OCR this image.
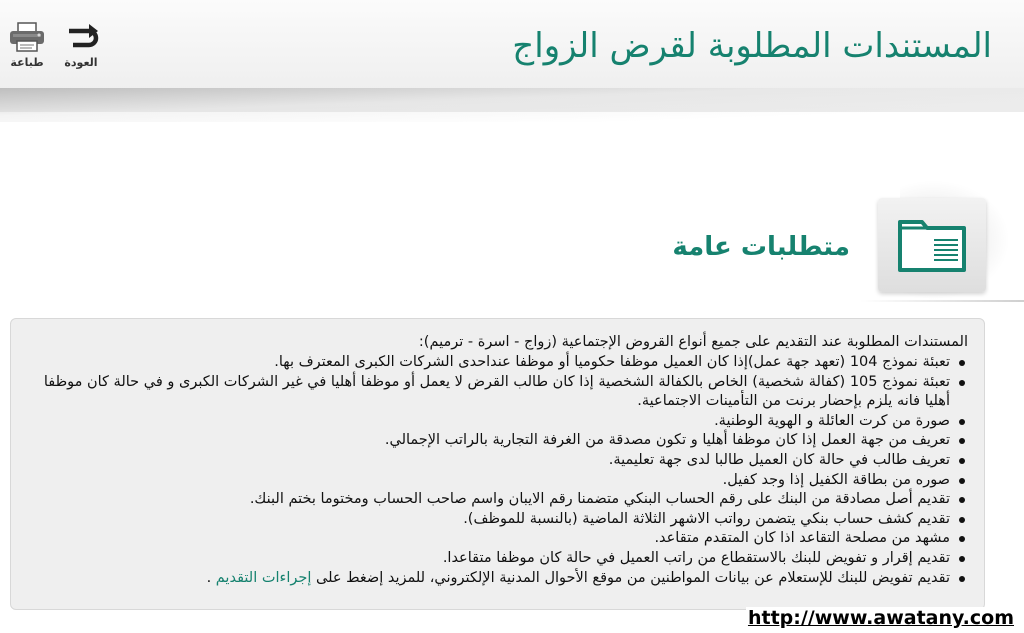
طباعة العودة	المستندات المطلوبة لقرض الزواج
متطلبات عامة
المستندات المطلوبة عند التقديم على جميع أنواع القروض الإجتماعية (زواج - اسرة - ترميم):
تعبئة نموذج 104 (تعهد جهة عمل)إذا كان العميل موظفا حكوميا أو موظفا عنداحدى الشركات الكبرى المعترف بها.
تعبئة نموذج 105 (كفالة شخصية) الخاص بالكفالة الشخصية إذا كان طالب القرض لا يعمل أو موظفا أهليا في غير الشركات الكبرى و في حالة كان موظفا أهليا فانه يلزم بإحضار برنت من التأمينات الاجتماعية.
صورة من كرت العائلة و الهوية الوطنية.
تعريف من جهة العمل إذا كان موظفا أهليا و تكون مصدقة من الغرفة التجارية بالراتب الإجمالي.
تعريف طالب في حالة كان العميل طالبا لدى جهة تعليمية.
صوره من بطاقة الكفيل إذا وجد كفيل.
تقديم أصل مصادقة من البنك على رقم الحساب البنكي متضمنا رقم الايبان واسم صاحب الحساب ومختوما بختم البنك.
تقديم كشف حساب بنكي يتضمن رواتب الاشهر الثلاثة الماضية (بالنسبة للموظف).
مشهد من مصلحة التقاعد اذا كان المتقدم متقاعد.
تقديم إقرار و تفويض للبنك بالاستقطاع من راتب العميل في حالة كان موظفا متقاعدا.
تقديم تفويض للبنك للإستعلام عن بيانات المواطنين من موقع الأحوال المدنية الإلكتروني، للمزيد إضغط على إجراءات التقديم .
http://www.awatany.com
